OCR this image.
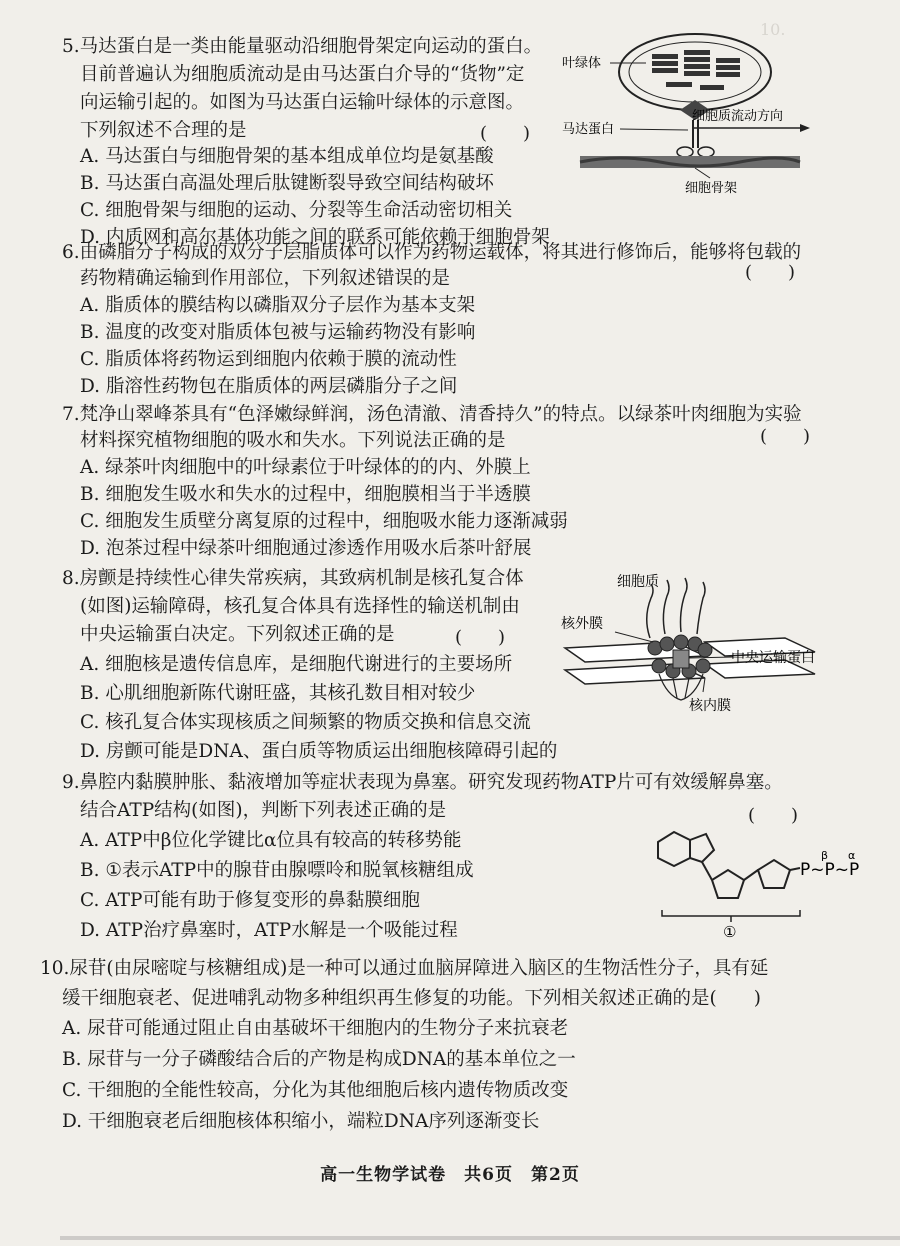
10.
5.马达蛋白是一类由能量驱动沿细胞骨架定向运动的蛋白。
目前普遍认为细胞质流动是由马达蛋白介导的“货物”定
向运输引起的。如图为马达蛋白运输叶绿体的示意图。
下列叙述不合理的是	(　　)
A. 马达蛋白与细胞骨架的基本组成单位均是氨基酸
B. 马达蛋白高温处理后肽键断裂导致空间结构破坏
C. 细胞骨架与细胞的运动、分裂等生命活动密切相关
D. 内质网和高尔基体功能之间的联系可能依赖于细胞骨架
叶绿体
马达蛋白
细胞质流动方向
细胞骨架
6.由磷脂分子构成的双分子层脂质体可以作为药物运载体，将其进行修饰后，能够将包载的
药物精确运输到作用部位，下列叙述错误的是	(　　)
A. 脂质体的膜结构以磷脂双分子层作为基本支架
B. 温度的改变对脂质体包被与运输药物没有影响
C. 脂质体将药物运到细胞内依赖于膜的流动性
D. 脂溶性药物包在脂质体的两层磷脂分子之间
7.梵净山翠峰茶具有“色泽嫩绿鲜润，汤色清澈、清香持久”的特点。以绿茶叶肉细胞为实验
材料探究植物细胞的吸水和失水。下列说法正确的是	(　　)
A. 绿茶叶肉细胞中的叶绿素位于叶绿体的的内、外膜上
B. 细胞发生吸水和失水的过程中，细胞膜相当于半透膜
C. 细胞发生质壁分离复原的过程中，细胞吸水能力逐渐减弱
D. 泡茶过程中绿茶叶细胞通过渗透作用吸水后茶叶舒展
8.房颤是持续性心律失常疾病，其致病机制是核孔复合体
(如图)运输障碍，核孔复合体具有选择性的输送机制由
中央运输蛋白决定。下列叙述正确的是	(　　)
A. 细胞核是遗传信息库，是细胞代谢进行的主要场所
B. 心肌细胞新陈代谢旺盛，其核孔数目相对较少
C. 核孔复合体实现核质之间频繁的物质交换和信息交流
D. 房颤可能是DNA、蛋白质等物质运出细胞核障碍引起的
细胞质
核外膜
中央运输蛋白
核内膜
9.鼻腔内黏膜肿胀、黏液增加等症状表现为鼻塞。研究发现药物ATP片可有效缓解鼻塞。
结合ATP结构(如图)，判断下列表述正确的是	(　　)
A. ATP中β位化学键比α位具有较高的转移势能
B. ①表示ATP中的腺苷由腺嘌呤和脱氧核糖组成
C. ATP可能有助于修复变形的鼻黏膜细胞
D. ATP治疗鼻塞时，ATP水解是一个吸能过程
P~P~P
β α
①
10.尿苷(由尿嘧啶与核糖组成)是一种可以通过血脑屏障进入脑区的生物活性分子，具有延
缓干细胞衰老、促进哺乳动物多种组织再生修复的功能。下列相关叙述正确的是(　　)
A. 尿苷可能通过阻止自由基破坏干细胞内的生物分子来抗衰老
B. 尿苷与一分子磷酸结合后的产物是构成DNA的基本单位之一
C. 干细胞的全能性较高，分化为其他细胞后核内遗传物质改变
D. 干细胞衰老后细胞核体积缩小，端粒DNA序列逐渐变长
高一生物学试卷　共6页　第2页
